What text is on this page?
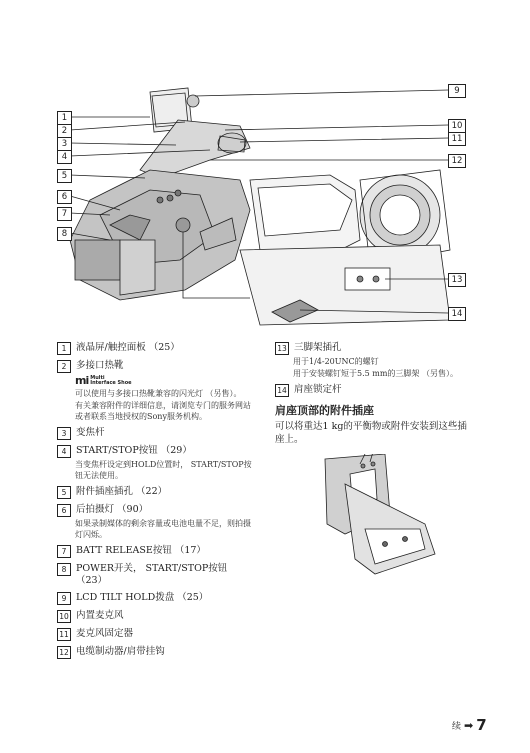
1
2
3
4
5
6
7
8
9
10
11
12
13
14
1	液晶屏/触控面板 （25）
2	多接口热靴
mi Multi
Interface Shoe
可以使用与多接口热靴兼容的闪光灯 （另售）。
有关兼容附件的详细信息，请浏览专门的服务网站或者联系当地授权的Sony服务机构。
3	变焦杆
4	START/STOP按钮 （29）
当变焦杆设定到HOLD位置时， START/STOP按钮无法使用。
5	附件插座插孔 （22）
6	后拍摄灯 （90）
如果录制媒体的剩余容量或电池电量不足，则拍摄灯闪烁。
7	BATT RELEASE按钮 （17）
8	POWER开关， START/STOP按钮 （23）
9	LCD TILT HOLD拨盘 （25）
10 内置麦克风
11 麦克风固定器
12 电缆制动器/肩带挂钩
13 三脚架插孔
用于1/4-20UNC的螺钉
用于安装螺钉短于5.5 mm的三脚架 （另售）。
14 肩座锁定杆
肩座顶部的附件插座
可以将重达1 kg的平衡物或附件安装到这些插座上。
续 ➡ 7
